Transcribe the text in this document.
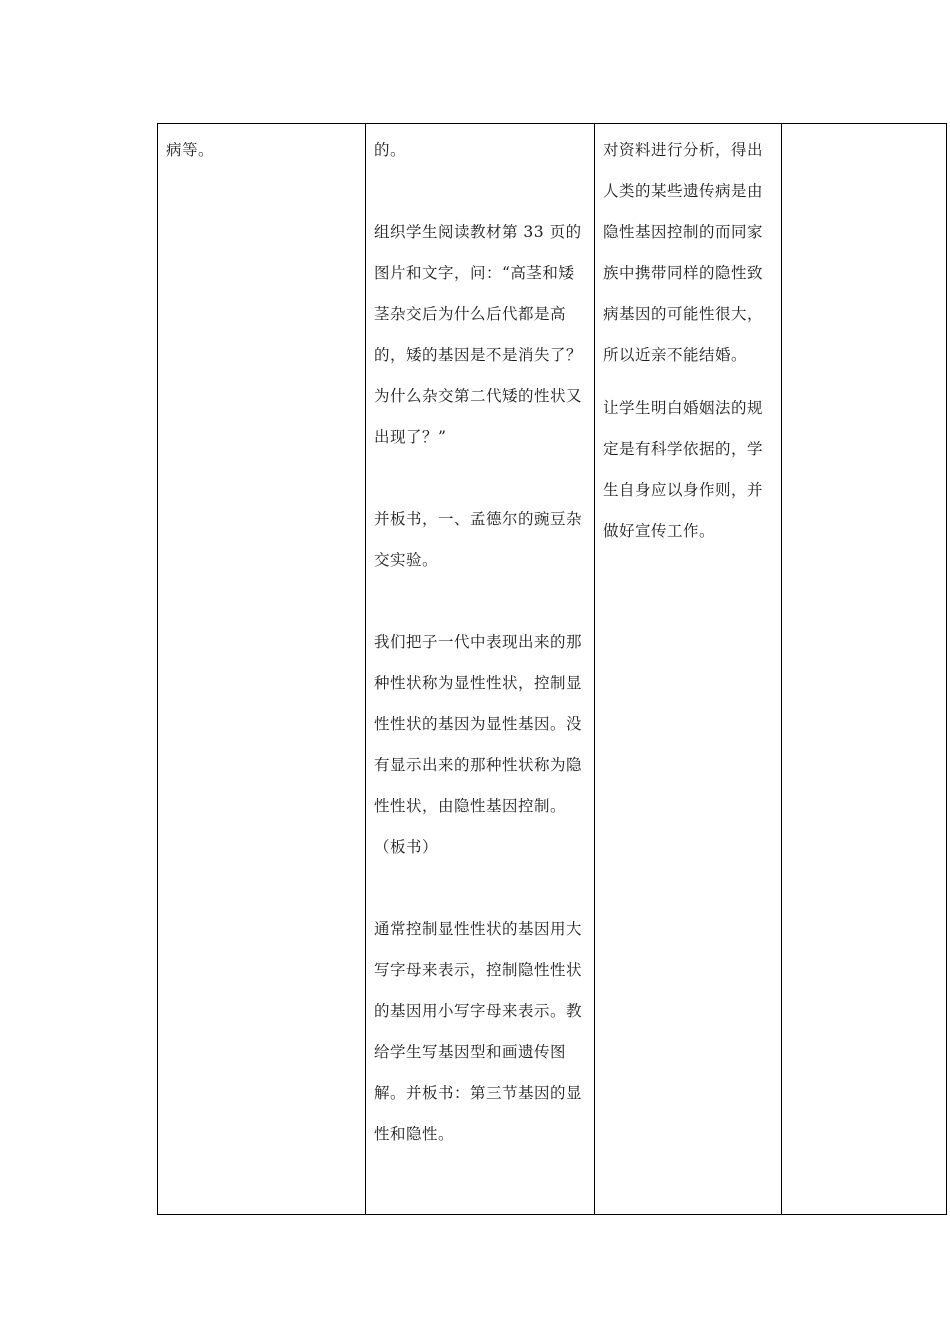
病等。	的。

组织学生阅读教材第 33 页的图片和文字，问：“高茎和矮茎杂交后为什么后代都是高的，矮的基因是不是消失了？为什么杂交第二代矮的性状又出现了？”

并板书，一、孟德尔的豌豆杂交实验。

我们把子一代中表现出来的那种性状称为显性性状，控制显性性状的基因为显性基因。没有显示出来的那种性状称为隐性性状，由隐性基因控制。（板书）

通常控制显性性状的基因用大写字母来表示，控制隐性性状的基因用小写字母来表示。教给学生写基因型和画遗传图解。并板书：第三节基因的显性和隐性。

对资料进行分析，得出人类的某些遗传病是由隐性基因控制的而同家族中携带同样的隐性致病基因的可能性很大，所以近亲不能结婚。

让学生明白婚姻法的规定是有科学依据的，学生自身应以身作则，并做好宣传工作。
